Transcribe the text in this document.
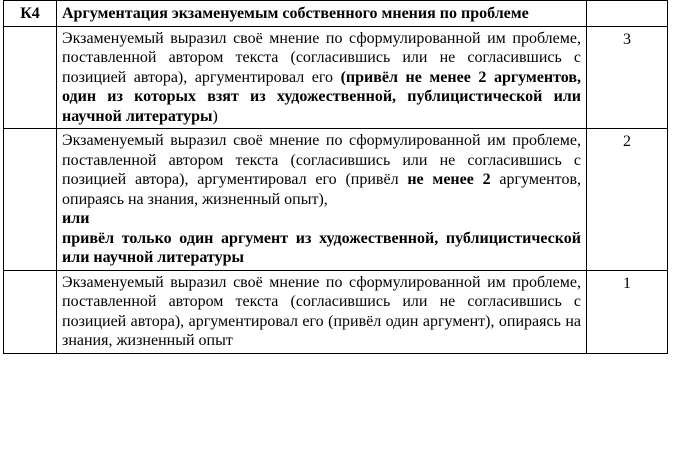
К4	Аргументация экзаменуемым собственного мнения по проблеме	
	Экзаменуемый выразил своё мнение по сформулированной им проблеме, поставленной автором текста (согласившись или не согласившись с позицией автора), аргументировал его (привёл не менее 2 аргументов, один из которых взят из художественной, публицистической или научной литературы)	3

	Экзаменуемый выразил своё мнение по сформулированной им проблеме, поставленной автором текста (согласившись или не согласившись с позицией автора), аргументировал его (привёл не менее 2 аргументов, опираясь на знания, жизненный опыт),
или
привёл только один аргумент из художественной, публицистической или научной литературы	2
	Экзаменуемый выразил своё мнение по сформулированной им проблеме, поставленной автором текста (согласившись или не согласившись с позицией автора), аргументировал его (привёл один аргумент), опираясь на знания, жизненный опыт	1
